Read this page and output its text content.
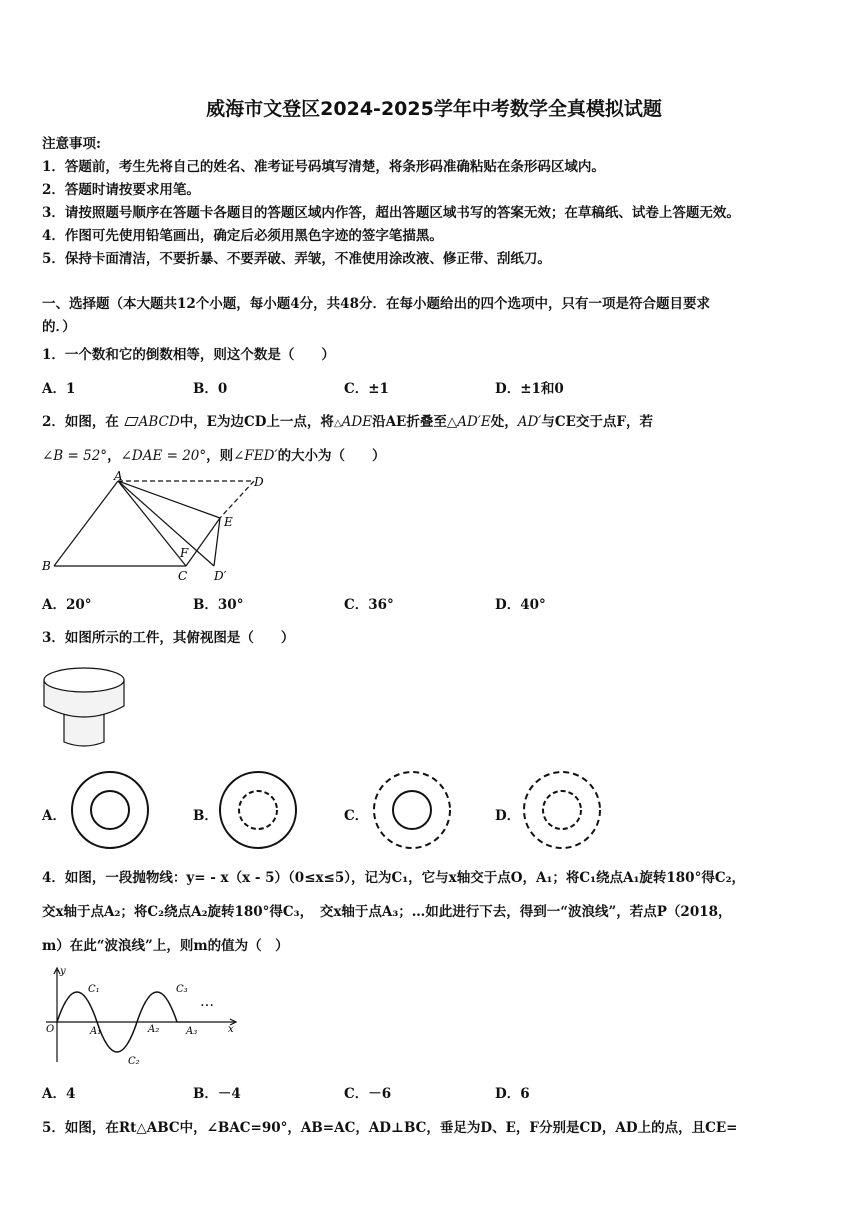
威海市文登区2024-2025学年中考数学全真模拟试题
注意事项:
1．答题前，考生先将自己的姓名、准考证号码填写清楚，将条形码准确粘贴在条形码区域内。
2．答题时请按要求用笔。
3．请按照题号顺序在答题卡各题目的答题区域内作答，超出答题区域书写的答案无效；在草稿纸、试卷上答题无效。
4．作图可先使用铅笔画出，确定后必须用黑色字迹的签字笔描黑。
5．保持卡面清洁，不要折暴、不要弄破、弄皱，不准使用涂改液、修正带、刮纸刀。
一、选择题（本大题共12个小题，每小题4分，共48分．在每小题给出的四个选项中，只有一项是符合题目要求
的．）
1．一个数和它的倒数相等，则这个数是（　　）
A．1	B．0	C．±1	D．±1和0
2．如图，在 ABCD中，E为边CD上一点，将△ADE沿AE折叠至△AD′E处，AD′与CE交于点F，若
∠B = 52°，∠DAE = 20°，则∠FED′的大小为（　　）
A
B
C
D
E
F
D′
A．20°	B．30°	C．36°	D．40°
3．如图所示的工件，其俯视图是（　　）
A．	B．	C．	D．
4．如图，一段抛物线：y= - x（x - 5）（0≤x≤5），记为C₁，它与x轴交于点O，A₁；将C₁绕点A₁旋转180°得C₂，
交x轴于点A₂；将C₂绕点A₂旋转180°得C₃，　交x轴于点A₃；…如此进行下去，得到一“波浪线”，若点P（2018，
m）在此“波浪线”上，则m的值为（　）
y
x
O
C₁
C₂
C₃
A₁	A₂	A₃
…
A．4	B．－4	C．－6	D．6
5．如图，在Rt△ABC中，∠BAC=90°，AB=AC，AD⊥BC，垂足为D、E，F分别是CD，AD上的点，且CE=
